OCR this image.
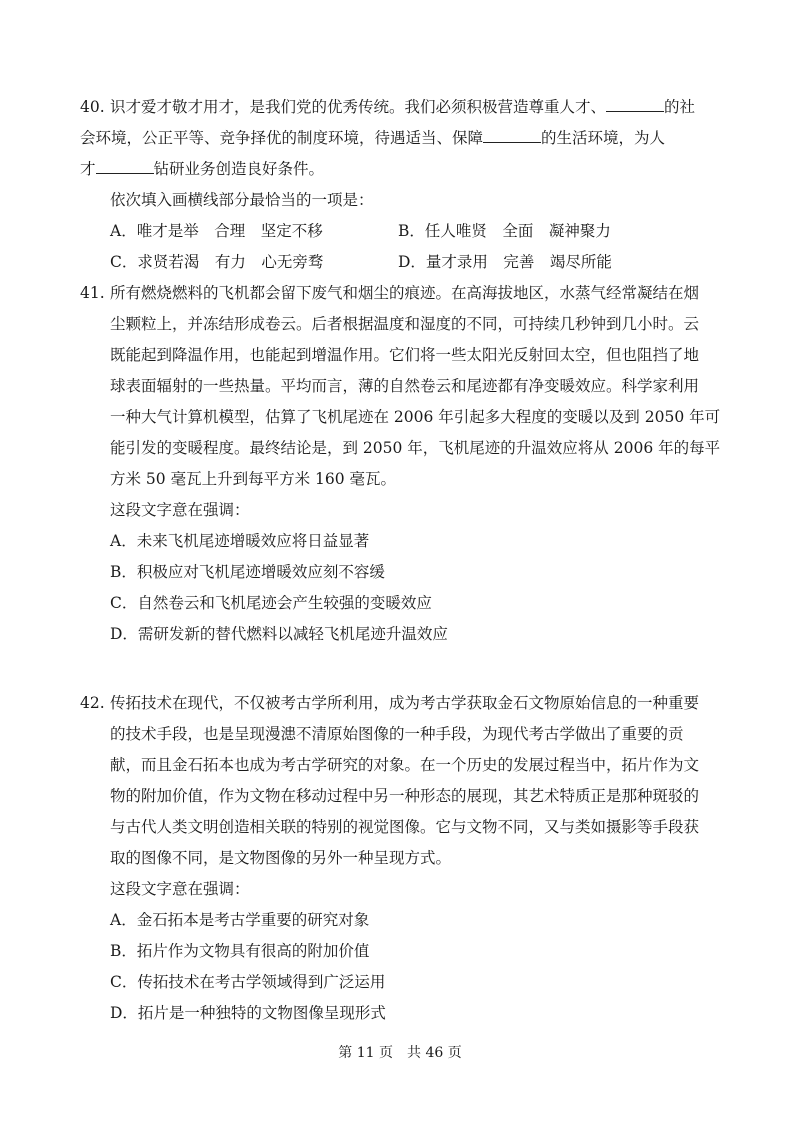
40. 识才爱才敬才用才，是我们党的优秀传统。我们必须积极营造尊重人才、	的社
会环境，公正平等、竞争择优的制度环境，待遇适当、保障	的生活环境，为人
才	钻研业务创造良好条件。
依次填入画横线部分最恰当的一项是：
A．唯才是举　合理　坚定不移	B．任人唯贤　全面　凝神聚力
C．求贤若渴　有力　心无旁骛	D．量才录用　完善　竭尽所能
41. 所有燃烧燃料的飞机都会留下废气和烟尘的痕迹。在高海拔地区，水蒸气经常凝结在烟
尘颗粒上，并冻结形成卷云。后者根据温度和湿度的不同，可持续几秒钟到几小时。云
既能起到降温作用，也能起到增温作用。它们将一些太阳光反射回太空，但也阻挡了地
球表面辐射的一些热量。平均而言，薄的自然卷云和尾迹都有净变暖效应。科学家利用
一种大气计算机模型，估算了飞机尾迹在 2006 年引起多大程度的变暖以及到 2050 年可
能引发的变暖程度。最终结论是，到 2050 年，飞机尾迹的升温效应将从 2006 年的每平
方米 50 毫瓦上升到每平方米 160 毫瓦。
这段文字意在强调：
A．未来飞机尾迹增暖效应将日益显著
B．积极应对飞机尾迹增暖效应刻不容缓
C．自然卷云和飞机尾迹会产生较强的变暖效应
D．需研发新的替代燃料以减轻飞机尾迹升温效应
42. 传拓技术在现代，不仅被考古学所利用，成为考古学获取金石文物原始信息的一种重要
的技术手段，也是呈现漫漶不清原始图像的一种手段，为现代考古学做出了重要的贡
献，而且金石拓本也成为考古学研究的对象。在一个历史的发展过程当中，拓片作为文
物的附加价值，作为文物在移动过程中另一种形态的展现，其艺术特质正是那种斑驳的
与古代人类文明创造相关联的特别的视觉图像。它与文物不同，又与类如摄影等手段获
取的图像不同，是文物图像的另外一种呈现方式。
这段文字意在强调：
A．金石拓本是考古学重要的研究对象
B．拓片作为文物具有很高的附加价值
C．传拓技术在考古学领域得到广泛运用
D．拓片是一种独特的文物图像呈现形式
第 11 页　共 46 页
